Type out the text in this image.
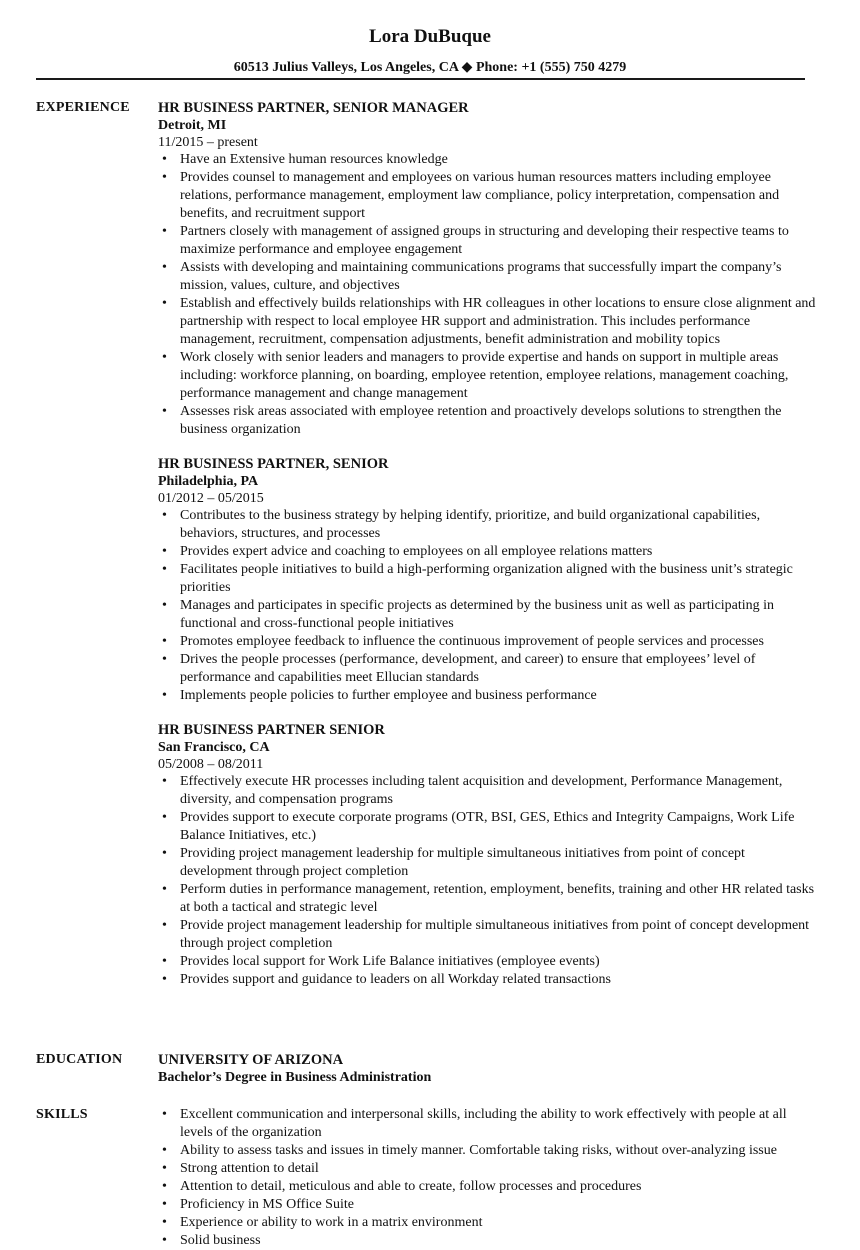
Lora DuBuque
60513 Julius Valleys, Los Angeles, CA ◆ Phone: +1 (555) 750 4279
EXPERIENCE HR BUSINESS PARTNER, SENIOR MANAGER
Detroit, MI
11/2015 – present
• Have an Extensive human resources knowledge
• Provides counsel to management and employees on various human resources matters including employee relations, performance management, employment law compliance, policy interpretation, compensation and benefits, and recruitment support
• Partners closely with management of assigned groups in structuring and developing their respective teams to maximize performance and employee engagement
• Assists with developing and maintaining communications programs that successfully impart the company’s mission, values, culture, and objectives
• Establish and effectively builds relationships with HR colleagues in other locations to ensure close alignment and partnership with respect to local employee HR support and administration. This includes performance management, recruitment, compensation adjustments, benefit administration and mobility topics
• Work closely with senior leaders and managers to provide expertise and hands on support in multiple areas including: workforce planning, on boarding, employee retention, employee relations, management coaching, performance management and change management
• Assesses risk areas associated with employee retention and proactively develops solutions to strengthen the business organization
HR BUSINESS PARTNER, SENIOR
Philadelphia, PA
01/2012 – 05/2015
• Contributes to the business strategy by helping identify, prioritize, and build organizational capabilities, behaviors, structures, and processes
• Provides expert advice and coaching to employees on all employee relations matters
• Facilitates people initiatives to build a high-performing organization aligned with the business unit’s strategic priorities
• Manages and participates in specific projects as determined by the business unit as well as participating in functional and cross-functional people initiatives
• Promotes employee feedback to influence the continuous improvement of people services and processes
• Drives the people processes (performance, development, and career) to ensure that employees’ level of performance and capabilities meet Ellucian standards
• Implements people policies to further employee and business performance
HR BUSINESS PARTNER SENIOR
San Francisco, CA
05/2008 – 08/2011
• Effectively execute HR processes including talent acquisition and development, Performance Management, diversity, and compensation programs
• Provides support to execute corporate programs (OTR, BSI, GES, Ethics and Integrity Campaigns, Work Life Balance Initiatives, etc.)
• Providing project management leadership for multiple simultaneous initiatives from point of concept development through project completion
• Perform duties in performance management, retention, employment, benefits, training and other HR related tasks at both a tactical and strategic level
• Provide project management leadership for multiple simultaneous initiatives from point of concept development through project completion
• Provides local support for Work Life Balance initiatives (employee events)
• Provides support and guidance to leaders on all Workday related transactions
EDUCATION UNIVERSITY OF ARIZONA
Bachelor’s Degree in Business Administration
SKILLS	• Excellent communication and interpersonal skills, including the ability to work effectively with people at all levels of the organization
• Ability to assess tasks and issues in timely manner. Comfortable taking risks, without over-analyzing issue
• Strong attention to detail
• Attention to detail, meticulous and able to create, follow processes and procedures
• Proficiency in MS Office Suite
• Experience or ability to work in a matrix environment
• Solid business
